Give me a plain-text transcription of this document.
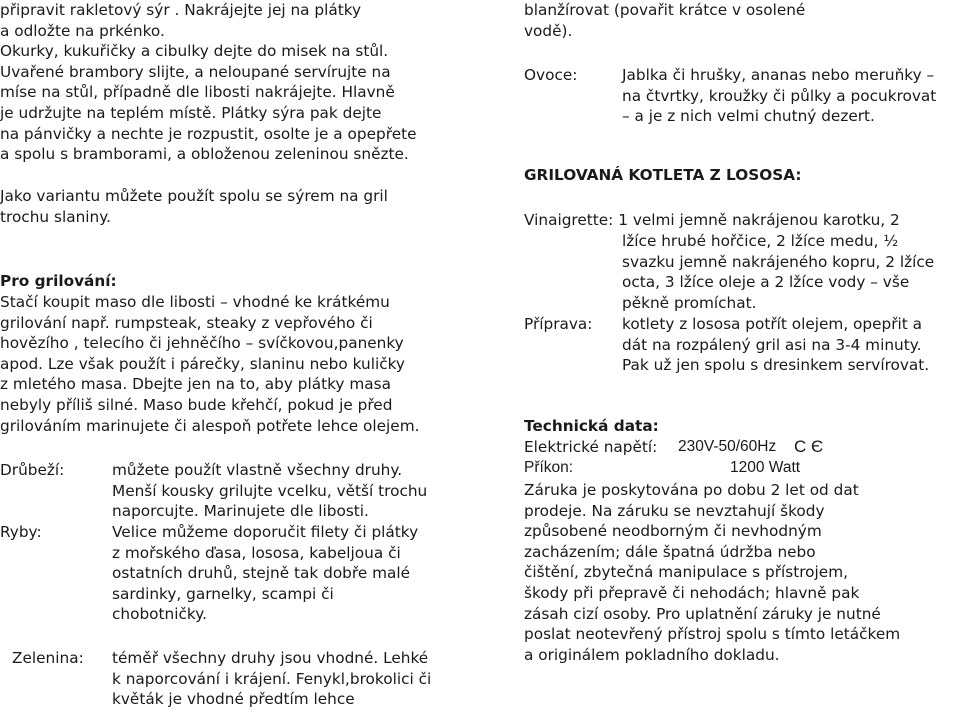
připravit rakletový sýr . Nakrájejte jej na plátky
a odložte na prkénko.
Okurky, kukuřičky a cibulky dejte do misek na stůl.
Uvařené brambory slijte, a neloupané servírujte na
míse na stůl, případně dle libosti nakrájejte. Hlavně
je udržujte na teplém místě. Plátky sýra pak dejte
na pánvičky a nechte je rozpustit, osolte je a opepřete
a spolu s bramborami, a obloženou zeleninou snězte.
Jako variantu můžete použít spolu se sýrem na gril
trochu slaniny.
Pro grilování:
Stačí koupit maso dle libosti – vhodné ke krátkému
grilování např. rumpsteak, steaky z vepřového či
hovězího , telecího či jehněčího – svíčkovou,panenky
apod. Lze však použít i párečky, slaninu nebo kuličky
z mletého masa. Dbejte jen na to, aby plátky masa
nebyly příliš silné. Maso bude křehčí, pokud je před
grilováním marinujete či alespoň potřete lehce olejem.
Drůbeží:	můžete použít vlastně všechny druhy.
Menší kousky grilujte vcelku, větší trochu
naporcujte. Marinujete dle libosti.
Ryby:	Velice můžeme doporučit filety či plátky
z mořského ďasa, lososa, kabeljoua či
ostatních druhů, stejně tak dobře malé
sardinky, garnelky, scampi či
chobotničky.
Zelenina: téměř všechny druhy jsou vhodné. Lehké
k naporcování i krájení. Fenykl,brokolici či
květák je vhodné předtím lehce
blanžírovat (povařit krátce v osolené
vodě).
Ovoce:	Jablka či hrušky, ananas nebo meruňky –
na čtvrtky, kroužky či půlky a pocukrovat
– a je z nich velmi chutný dezert.
GRILOVANÁ KOTLETA Z LOSOSA:
Vinaigrette: 1 velmi jemně nakrájenou karotku, 2
lžíce hrubé hořčice, 2 lžíce medu, ½
svazku jemně nakrájeného kopru, 2 lžíce
octa, 3 lžíce oleje a 2 lžíce vody – vše
pěkně promíchat.
Příprava: kotlety z lososa potřít olejem, opepřit a
dát na rozpálený gril asi na 3-4 minuty.
Pak už jen spolu s dresinkem servírovat.
Technická data:
Elektrické napětí: 230V-50/60Hz C Є
Příkon:	1200 Watt
Záruka je poskytována po dobu 2 let od dat
prodeje. Na záruku se nevztahují škody
způsobené neodborným či nevhodným
zacházením; dále špatná údržba nebo
čištění, zbytečná manipulace s přístrojem,
škody při přepravě či nehodách; hlavně pak
zásah cizí osoby. Pro uplatnění záruky je nutné
poslat neotevřený přístroj spolu s tímto letáčkem
a originálem pokladního dokladu.
